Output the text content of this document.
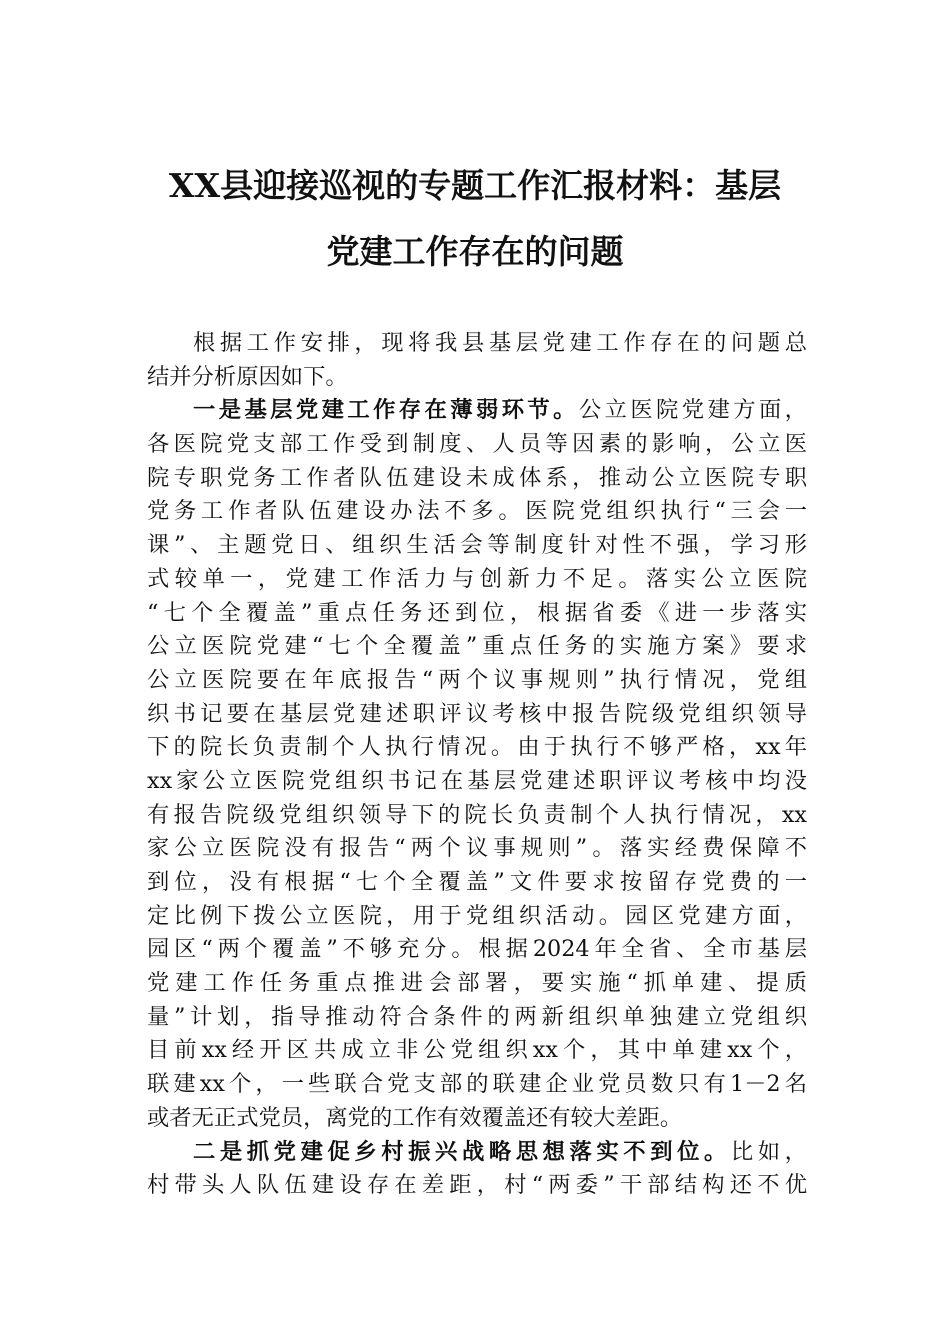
XX县迎接巡视的专题工作汇报材料：基层
党建工作存在的问题
根据工作安排，现将我县基层党建工作存在的问题总
结并分析原因如下。
一是基层党建工作存在薄弱环节。公立医院党建方面，
各医院党支部工作受到制度、人员等因素的影响，公立医
院专职党务工作者队伍建设未成体系，推动公立医院专职
党务工作者队伍建设办法不多。医院党组织执行“三会一
课”、主题党日、组织生活会等制度针对性不强，学习形
式较单一，党建工作活力与创新力不足。落实公立医院
“七个全覆盖”重点任务还到位，根据省委《进一步落实
公立医院党建“七个全覆盖”重点任务的实施方案》要求
公立医院要在年底报告“两个议事规则”执行情况，党组
织书记要在基层党建述职评议考核中报告院级党组织领导
下的院长负责制个人执行情况。由于执行不够严格，xx年
xx家公立医院党组织书记在基层党建述职评议考核中均没
有报告院级党组织领导下的院长负责制个人执行情况，xx
家公立医院没有报告“两个议事规则”。落实经费保障不
到位，没有根据“七个全覆盖”文件要求按留存党费的一
定比例下拨公立医院，用于党组织活动。园区党建方面，
园区“两个覆盖”不够充分。根据2024年全省、全市基层
党建工作任务重点推进会部署，要实施“抓单建、提质
量”计划，指导推动符合条件的两新组织单独建立党组织
目前xx经开区共成立非公党组织xx个，其中单建xx个，
联建xx个，一些联合党支部的联建企业党员数只有1－2名
或者无正式党员，离党的工作有效覆盖还有较大差距。
二是抓党建促乡村振兴战略思想落实不到位。比如，
村带头人队伍建设存在差距，村“两委”干部结构还不优
